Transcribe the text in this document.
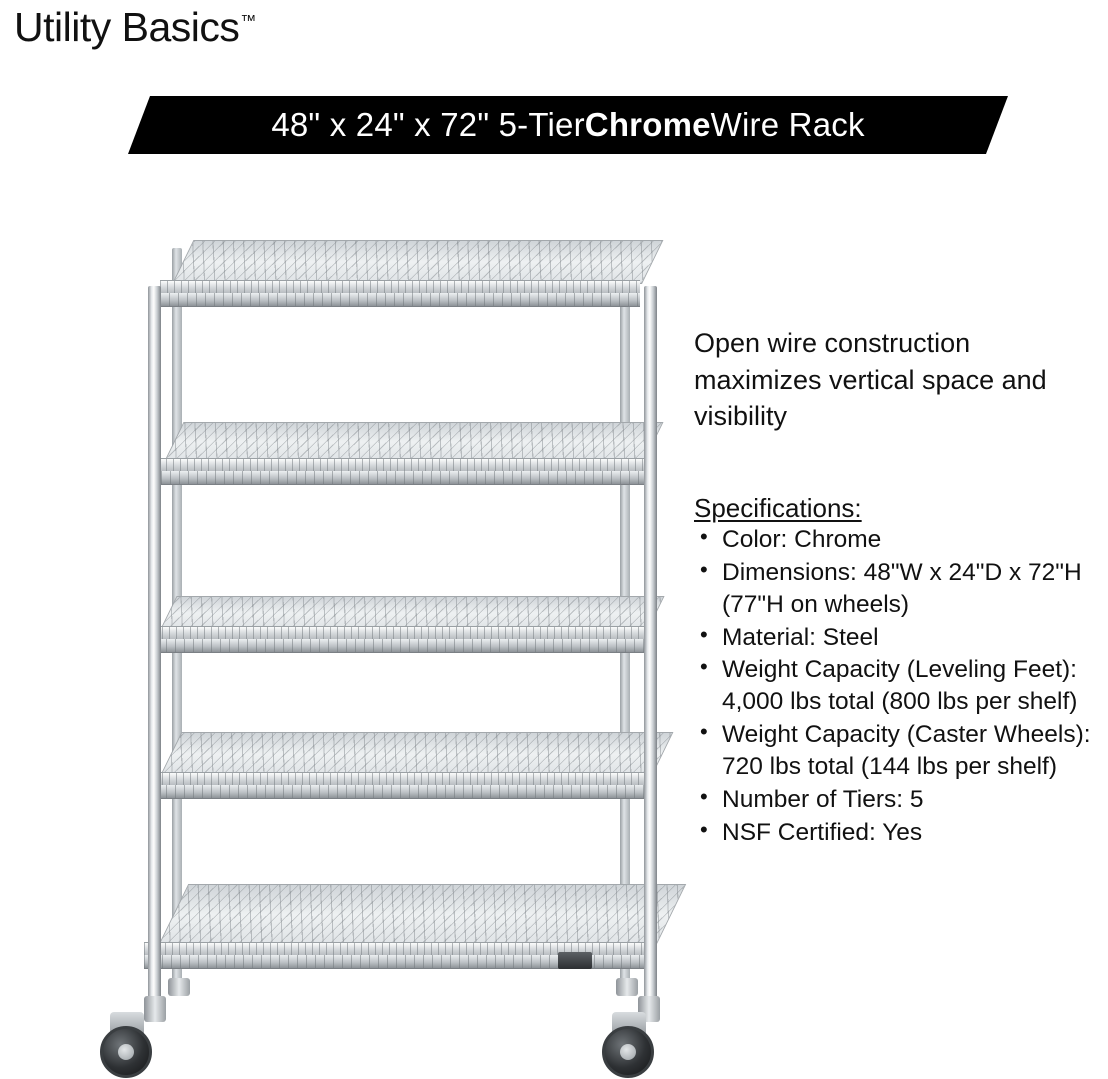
Utility Basics™
48" x 24" x 72" 5-Tier Chrome Wire Rack
Open wire construction maximizes vertical space and visibility
Specifications:
• Color: Chrome
• Dimensions: 48"W x 24"D x 72"H (77"H on wheels)
• Material: Steel
• Weight Capacity (Leveling Feet): 4,000 lbs total (800 lbs per shelf)
• Weight Capacity (Caster Wheels): 720 lbs total (144 lbs per shelf)
• Number of Tiers: 5
• NSF Certified: Yes
